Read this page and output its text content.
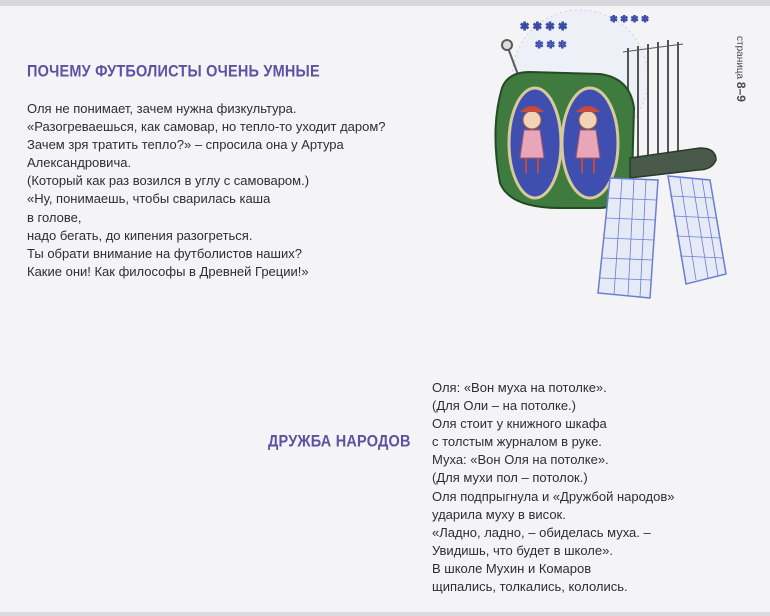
ПОЧЕМУ ФУТБОЛИСТЫ ОЧЕНЬ УМНЫЕ

Оля не понимает, зачем нужна физкультура.

«Разогреваешься, как самовар, но тепло-то уходит даром?

Зачем зря тратить тепло?» – спросила она у Артура

Александровича.

(Который как раз возился в углу с самоваром.)

«Ну, понимаешь, чтобы сварилась каша

в голове,

надо бегать, до кипения разогреться.

Ты обрати внимание на футболистов наших?

Какие они! Как философы в Древней Греции!»

ДРУЖБА НАРОДОВ

Оля: «Вон муха на потолке».

(Для Оли – на потолке.)

Оля стоит у книжного шкафа

с толстым журналом в руке.

Муха: «Вон Оля на потолке».

(Для мухи пол – потолок.)

Оля подпрыгнула и «Дружбой народов»

ударила муху в висок.

«Ладно, ладно, – обиделась муха. –

Увидишь, что будет в школе».

В школе Мухин и Комаров

щипались, толкались, кололись.

страница 8–9
✱ ✱ ✱ ✱
✱ ✱ ✱
✱ ✱ ✱ ✱
